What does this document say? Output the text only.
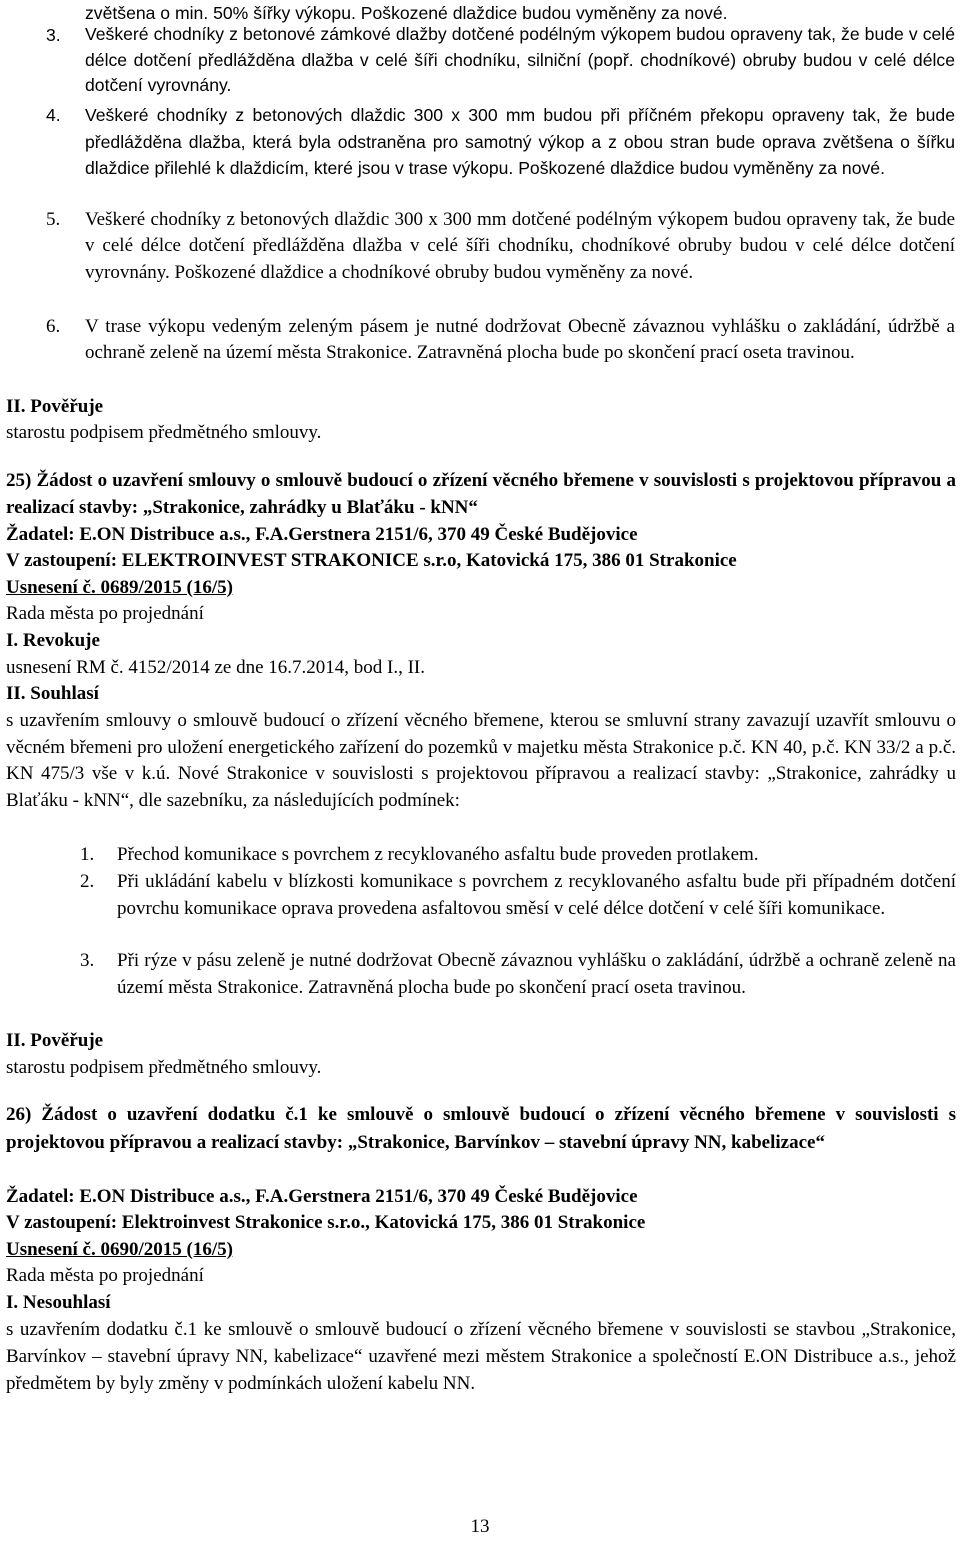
zvětšena o min. 50% šířky výkopu. Poškozené dlaždice budou vyměněny za nové.

3. Veškeré chodníky z betonové zámkové dlažby dotčené podélným výkopem budou opraveny tak, že bude v celé délce dotčení předlážděna dlažba v celé šíři chodníku, silniční (popř. chodníkové) obruby budou v celé délce dotčení vyrovnány.

4. Veškeré chodníky z betonových dlaždic 300 x 300 mm budou při příčném překopu opraveny tak, že bude předlážděna dlažba, která byla odstraněna pro samotný výkop a z obou stran bude oprava zvětšena o šířku dlaždice přilehlé k dlaždicím, které jsou v trase výkopu. Poškozené dlaždice budou vyměněny za nové.

5. Veškeré chodníky z betonových dlaždic 300 x 300 mm dotčené podélným výkopem budou opraveny tak, že bude v celé délce dotčení předlážděna dlažba v celé šíři chodníku, chodníkové obruby budou v celé délce dotčení vyrovnány. Poškozené dlaždice a chodníkové obruby budou vyměněny za nové.

6. V trase výkopu vedeným zeleným pásem je nutné dodržovat Obecně závaznou vyhlášku o zakládání, údržbě a ochraně zeleně na území města Strakonice. Zatravněná plocha bude po skončení prací oseta travinou.

II. Pověřuje

starostu podpisem předmětného smlouvy.

25) Žádost o uzavření smlouvy o smlouvě budoucí o zřízení věcného břemene v souvislosti s projektovou přípravou a realizací stavby: „Strakonice, zahrádky u Blaťáku - kNN“

Žadatel: E.ON Distribuce a.s., F.A.Gerstnera 2151/6, 370 49 České Budějovice

V zastoupení: ELEKTROINVEST STRAKONICE s.r.o, Katovická 175, 386 01 Strakonice

Usnesení č. 0689/2015 (16/5)

Rada města po projednání

I. Revokuje

usnesení RM č. 4152/2014 ze dne 16.7.2014, bod I., II.

II. Souhlasí

s uzavřením smlouvy o smlouvě budoucí o zřízení věcného břemene, kterou se smluvní strany zavazují uzavřít smlouvu o věcném břemeni pro uložení energetického zařízení do pozemků v majetku města Strakonice p.č. KN 40, p.č. KN 33/2 a p.č. KN 475/3 vše v k.ú. Nové Strakonice v souvislosti s projektovou přípravou a realizací stavby: „Strakonice, zahrádky u Blaťáku - kNN“, dle sazebníku, za následujících podmínek:

1. Přechod komunikace s povrchem z recyklovaného asfaltu bude proveden protlakem.

2. Při ukládání kabelu v blízkosti komunikace s povrchem z recyklovaného asfaltu bude při případném dotčení povrchu komunikace oprava provedena asfaltovou směsí v celé délce dotčení v celé šíři komunikace.

3. Při rýze v pásu zeleně je nutné dodržovat Obecně závaznou vyhlášku o zakládání, údržbě a ochraně zeleně na území města Strakonice. Zatravněná plocha bude po skončení prací oseta travinou.

II. Pověřuje

starostu podpisem předmětného smlouvy.

26) Žádost o uzavření dodatku č.1 ke smlouvě o smlouvě budoucí o zřízení věcného břemene v souvislosti s projektovou přípravou a realizací stavby: „Strakonice, Barvínkov – stavební úpravy NN, kabelizace“

Žadatel: E.ON Distribuce a.s., F.A.Gerstnera 2151/6, 370 49 České Budějovice

V zastoupení: Elektroinvest Strakonice s.r.o., Katovická 175, 386 01 Strakonice

Usnesení č. 0690/2015 (16/5)

Rada města po projednání

I. Nesouhlasí

s uzavřením dodatku č.1 ke smlouvě o smlouvě budoucí o zřízení věcného břemene v souvislosti se stavbou „Strakonice, Barvínkov – stavební úpravy NN, kabelizace“ uzavřené mezi městem Strakonice a společností E.ON Distribuce a.s., jehož předmětem by byly změny v podmínkách uložení kabelu NN.

13
